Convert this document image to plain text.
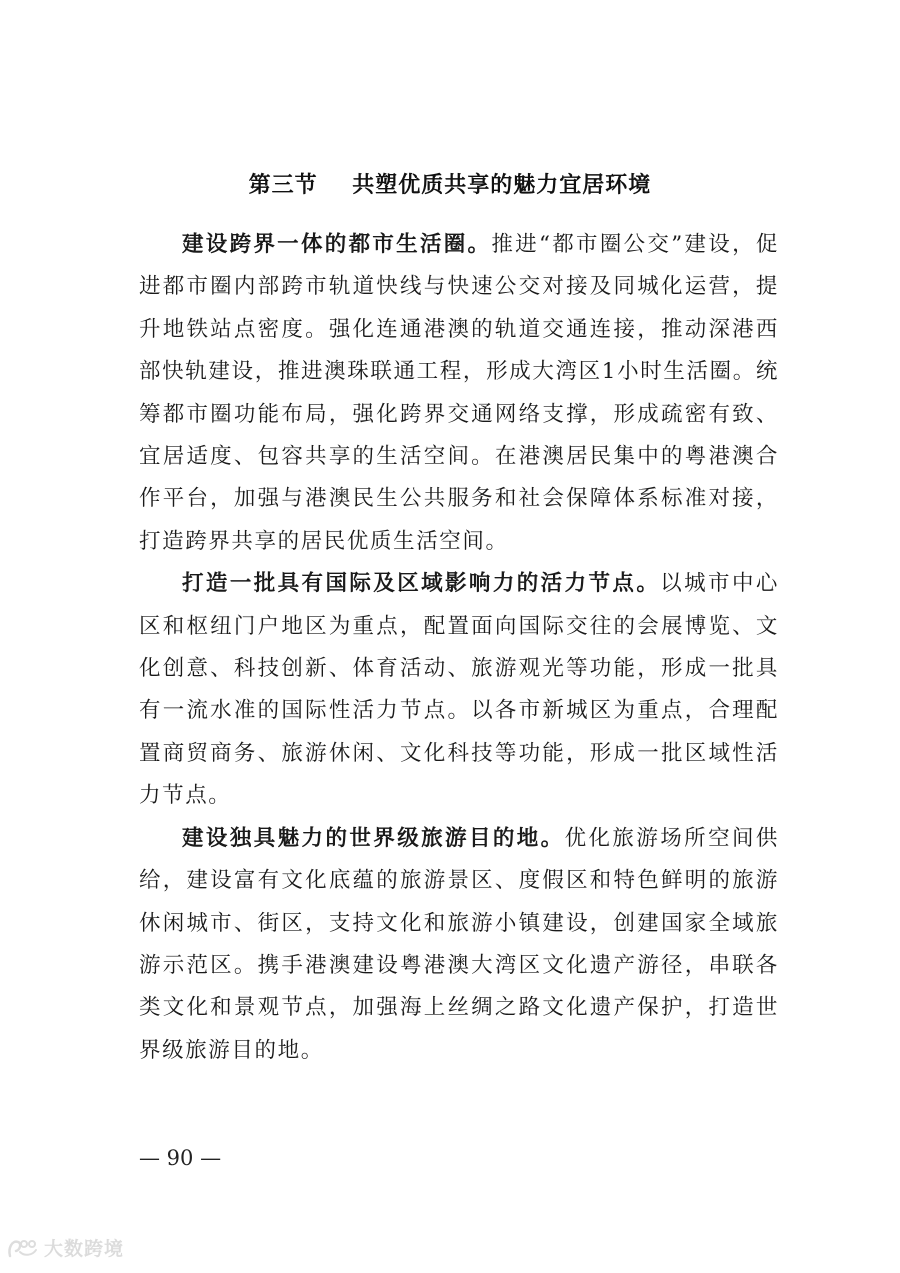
第三节    共塑优质共享的魅力宜居环境

建设跨界一体的都市生活圈。推进“都市圈公交”建设，促进都市圈内部跨市轨道快线与快速公交对接及同城化运营，提升地铁站点密度。强化连通港澳的轨道交通连接，推动深港西部快轨建设，推进澳珠联通工程，形成大湾区1小时生活圈。统筹都市圈功能布局，强化跨界交通网络支撑，形成疏密有致、宜居适度、包容共享的生活空间。在港澳居民集中的粤港澳合作平台，加强与港澳民生公共服务和社会保障体系标准对接，打造跨界共享的居民优质生活空间。

打造一批具有国际及区域影响力的活力节点。以城市中心区和枢纽门户地区为重点，配置面向国际交往的会展博览、文化创意、科技创新、体育活动、旅游观光等功能，形成一批具有一流水准的国际性活力节点。以各市新城区为重点，合理配置商贸商务、旅游休闲、文化科技等功能，形成一批区域性活力节点。

建设独具魅力的世界级旅游目的地。优化旅游场所空间供给，建设富有文化底蕴的旅游景区、度假区和特色鲜明的旅游休闲城市、街区，支持文化和旅游小镇建设，创建国家全域旅游示范区。携手港澳建设粤港澳大湾区文化遗产游径，串联各类文化和景观节点，加强海上丝绸之路文化遗产保护，打造世界级旅游目的地。

— 90 —
大数跨境
